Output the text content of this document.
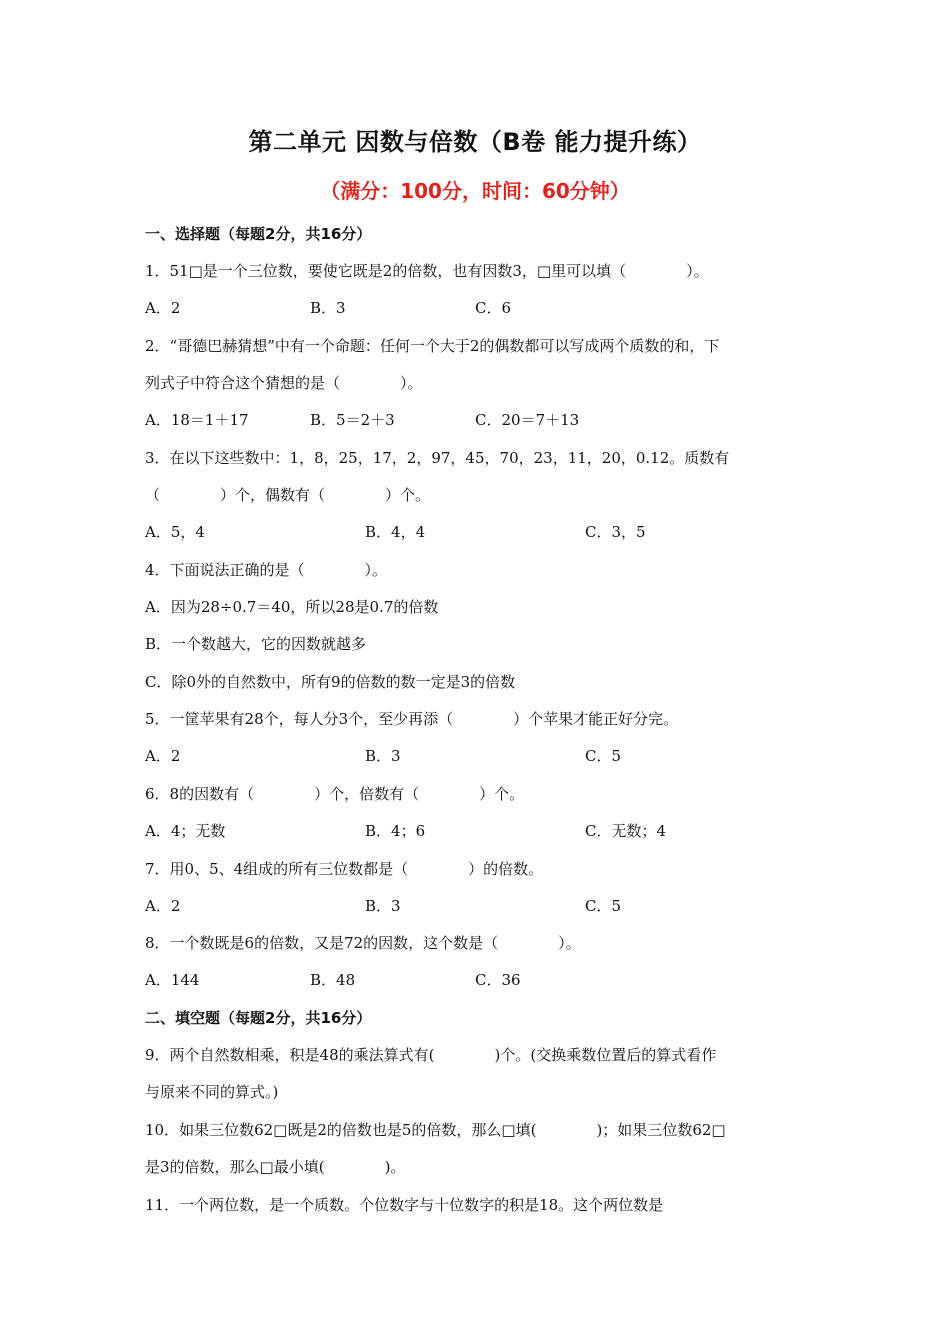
第二单元 因数与倍数（B卷 能力提升练）
（满分：100分，时间：60分钟）
一、选择题（每题2分，共16分）
1．51□是一个三位数，要使它既是2的倍数，也有因数3，□里可以填（　　　　）。
A．2	B．3	C．6
2．“哥德巴赫猜想”中有一个命题：任何一个大于2的偶数都可以写成两个质数的和，下
列式子中符合这个猜想的是（　　　　）。
A．18＝1＋17	B．5＝2＋3	C．20＝7＋13
3．在以下这些数中：1，8，25，17，2，97，45，70，23，11，20，0.12。质数有
（　　　　）个，偶数有（　　　　）个。
A．5，4	B．4，4	C．3，5
4．下面说法正确的是（　　　　）。
A．因为28÷0.7＝40，所以28是0.7的倍数
B．一个数越大，它的因数就越多
C．除0外的自然数中，所有9的倍数的数一定是3的倍数
5．一筐苹果有28个，每人分3个，至少再添（　　　　）个苹果才能正好分完。
A．2	B．3	C．5
6．8的因数有（　　　　）个，倍数有（　　　　）个。
A．4；无数	B．4；6	C．无数；4
7．用0、5、4组成的所有三位数都是（　　　　）的倍数。
A．2	B．3	C．5
8．一个数既是6的倍数，又是72的因数，这个数是（　　　　）。
A．144	B．48	C．36
二、填空题（每题2分，共16分）
9．两个自然数相乘，积是48的乘法算式有(　　　　)个。(交换乘数位置后的算式看作
与原来不同的算式。)
10．如果三位数62□既是2的倍数也是5的倍数，那么□填(　　　　)；如果三位数62□
是3的倍数，那么□最小填(　　　　)。
11．一个两位数，是一个质数。个位数字与十位数字的积是18。这个两位数是
